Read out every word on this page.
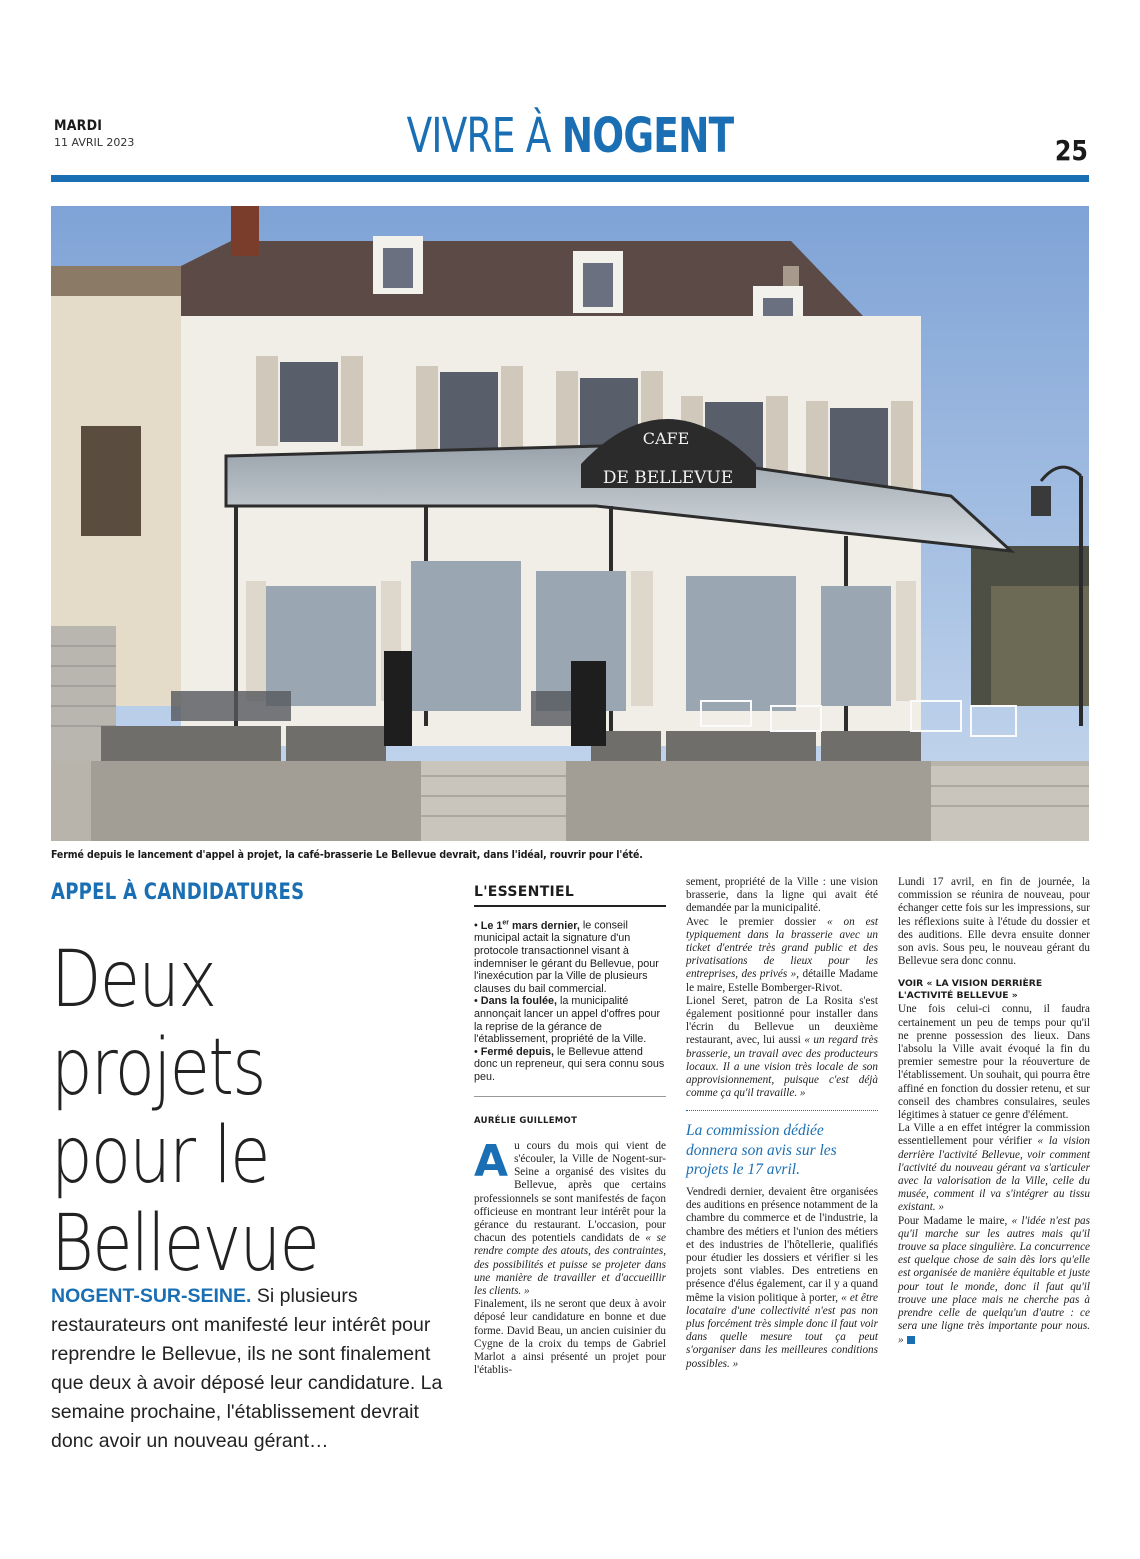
MARDI
11 AVRIL 2023	VIVRE À NOGENT	25
CAFE
DE BELLEVUE
Fermé depuis le lancement d'appel à projet, la café-brasserie Le Bellevue devrait, dans l'idéal, rouvrir pour l'été.
APPEL À CANDIDATURES
Deux projets
pour le
Bellevue
NOGENT-SUR-SEINE. Si plusieurs restaurateurs ont manifesté leur intérêt pour reprendre le Bellevue, ils ne sont finalement que deux à avoir déposé leur candidature. La semaine prochaine, l'établissement devrait donc avoir un nouveau gérant…
L'ESSENTIEL

• Le 1er mars dernier, le conseil municipal actait la signature d'un protocole transactionnel visant à indemniser le gérant du Bellevue, pour l'inexécution par la Ville de plusieurs clauses du bail commercial.

• Dans la foulée, la municipalité annonçait lancer un appel d'offres pour la reprise de la gérance de l'établissement, propriété de la Ville.

• Fermé depuis, le Bellevue attend donc un repreneur, qui sera connu sous peu.

AURÉLIE GUILLEMOT

Au cours du mois qui vient de s'écouler, la Ville de Nogent-sur-Seine a organisé des visites du Bellevue, après que certains professionnels se sont manifestés de façon officieuse en montrant leur intérêt pour la gérance du restaurant. L'occasion, pour chacun des potentiels candidats de « se rendre compte des atouts, des contraintes, des possibilités et puisse se projeter dans une manière de travailler et d'accueillir les clients. »

Finalement, ils ne seront que deux à avoir déposé leur candidature en bonne et due forme. David Beau, un ancien cuisinier du Cygne de la croix du temps de Gabriel Marlot a ainsi présenté un projet pour l'établis-

sement, propriété de la Ville : une vision brasserie, dans la ligne qui avait été demandée par la municipalité.

Avec le premier dossier « on est typiquement dans la brasserie avec un ticket d'entrée très grand public et des privatisations de lieux pour les entreprises, des privés », détaille Madame le maire, Estelle Bomberger-Rivot.

Lionel Seret, patron de La Rosita s'est également positionné pour installer dans l'écrin du Bellevue un deuxième restaurant, avec, lui aussi « un regard très brasserie, un travail avec des producteurs locaux. Il a une vision très locale de son approvisionnement, puisque c'est déjà comme ça qu'il travaille. »

La commission dédiée donnera son avis sur les projets le 17 avril.

Vendredi dernier, devaient être organisées des auditions en présence notamment de la chambre du commerce et de l'industrie, la chambre des métiers et l'union des métiers et des industries de l'hôtellerie, qualifiés pour étudier les dossiers et vérifier si les projets sont viables. Des entretiens en présence d'élus également, car il y a quand même la vision politique à porter, « et être locataire d'une collectivité n'est pas non plus forcément très simple donc il faut voir dans quelle mesure tout ça peut s'organiser dans les meilleures conditions possibles. »

Lundi 17 avril, en fin de journée, la commission se réunira de nouveau, pour échanger cette fois sur les impressions, sur les réflexions suite à l'étude du dossier et des auditions. Elle devra ensuite donner son avis. Sous peu, le nouveau gérant du Bellevue sera donc connu.

VOIR « LA VISION DERRIÈRE
L'ACTIVITÉ BELLEVUE »

Une fois celui-ci connu, il faudra certainement un peu de temps pour qu'il ne prenne possession des lieux. Dans l'absolu la Ville avait évoqué la fin du premier semestre pour la réouverture de l'établissement. Un souhait, qui pourra être affiné en fonction du dossier retenu, et sur conseil des chambres consulaires, seules légitimes à statuer ce genre d'élément.

La Ville a en effet intégrer la commission essentiellement pour vérifier « la vision derrière l'activité Bellevue, voir comment l'activité du nouveau gérant va s'articuler avec la valorisation de la Ville, celle du musée, comment il va s'intégrer au tissu existant. »

Pour Madame le maire, « l'idée n'est pas qu'il marche sur les autres mais qu'il trouve sa place singulière. La concurrence est quelque chose de sain dès lors qu'elle est organisée de manière équitable et juste pour tout le monde, donc il faut qu'il trouve une place mais ne cherche pas à prendre celle de quelqu'un d'autre : ce sera une ligne très importante pour nous. »
